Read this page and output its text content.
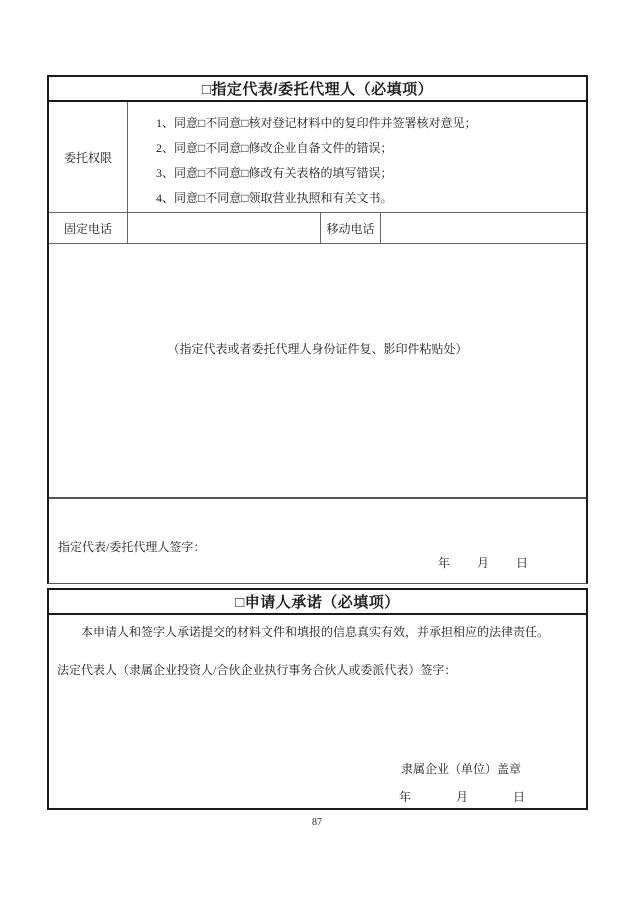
□指定代表/委托代理人（必填项）
委托权限
1、同意□不同意□核对登记材料中的复印件并签署核对意见；
2、同意□不同意□修改企业自备文件的错误；
3、同意□不同意□修改有关表格的填写错误；
4、同意□不同意□领取营业执照和有关文书。
固定电话	移动电话
（指定代表或者委托代理人身份证件复、影印件粘贴处）
指定代表/委托代理人签字：
年 月 日
□申请人承诺（必填项）

本申请人和签字人承诺提交的材料文件和填报的信息真实有效，并承担相应的法律责任。

法定代表人（隶属企业投资人/合伙企业执行事务合伙人或委派代表）签字：

隶属企业（单位）盖章
年	月	日
87
